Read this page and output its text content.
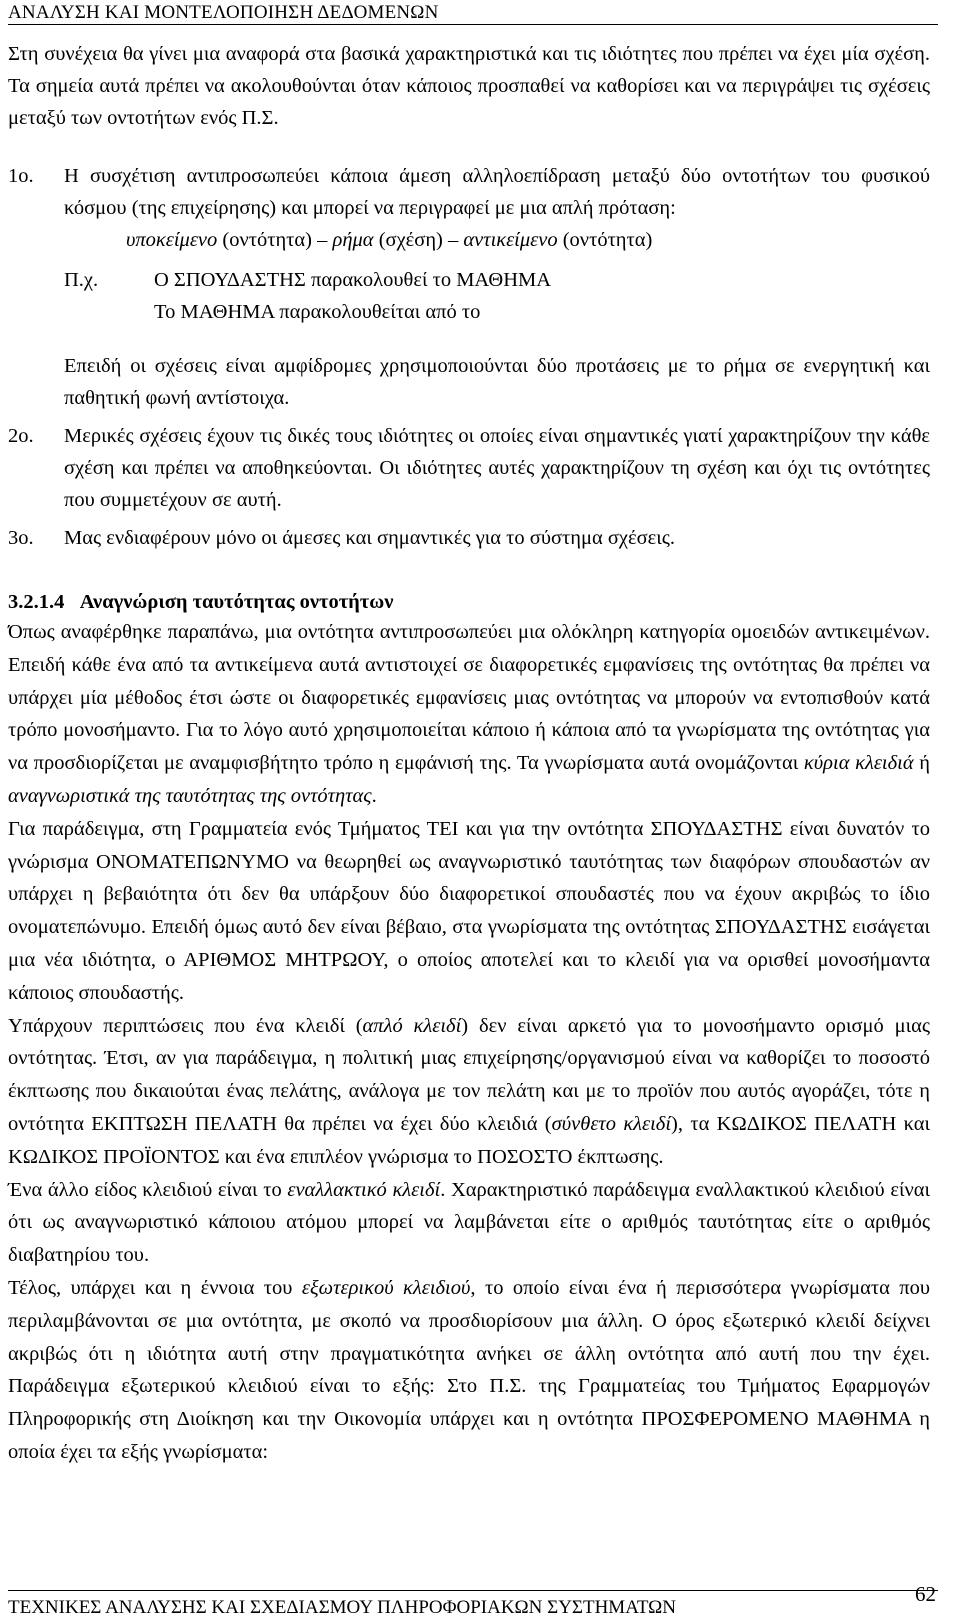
ΑΝΑΛΥΣΗ ΚΑΙ ΜΟΝΤΕΛΟΠΟΙΗΣΗ ΔΕΔΟΜΕΝΩΝ

Στη συνέχεια θα γίνει μια αναφορά στα βασικά χαρακτηριστικά και τις ιδιότητες που πρέπει να έχει μία σχέση. Τα σημεία αυτά πρέπει να ακολουθούνται όταν κάποιος προσπαθεί να καθορίσει και να περιγράψει τις σχέσεις μεταξύ των οντοτήτων ενός Π.Σ.

1ο.	Η συσχέτιση αντιπροσωπεύει κάποια άμεση αλληλοεπίδραση μεταξύ δύο οντοτήτων του φυσικού κόσμου (της επιχείρησης) και μπορεί να περιγραφεί με μια απλή πρόταση:

υποκείμενο (οντότητα) – ρήμα (σχέση) – αντικείμενο (οντότητα)
Π.χ.	Ο ΣΠΟΥΔΑΣΤΗΣ παρακολουθεί το ΜΑΘΗΜΑ
Το ΜΑΘΗΜΑ παρακολουθείται από το

Επειδή οι σχέσεις είναι αμφίδρομες χρησιμοποιούνται δύο προτάσεις με το ρήμα σε ενεργητική και παθητική φωνή αντίστοιχα.

2ο.	Μερικές σχέσεις έχουν τις δικές τους ιδιότητες οι οποίες είναι σημαντικές γιατί χαρακτηρίζουν την κάθε σχέση και πρέπει να αποθηκεύονται. Οι ιδιότητες αυτές χαρακτηρίζουν τη σχέση και όχι τις οντότητες που συμμετέχουν σε αυτή.

3ο.	Μας ενδιαφέρουν μόνο οι άμεσες και σημαντικές για το σύστημα σχέσεις.

3.2.1.4 Αναγνώριση ταυτότητας οντοτήτων

Όπως αναφέρθηκε παραπάνω, μια οντότητα αντιπροσωπεύει μια ολόκληρη κατηγορία ομοειδών αντικειμένων. Επειδή κάθε ένα από τα αντικείμενα αυτά αντιστοιχεί σε διαφορετικές εμφανίσεις της οντότητας θα πρέπει να υπάρχει μία μέθοδος έτσι ώστε οι διαφορετικές εμφανίσεις μιας οντότητας να μπορούν να εντοπισθούν κατά τρόπο μονοσήμαντο. Για το λόγο αυτό χρησιμοποιείται κάποιο ή κάποια από τα γνωρίσματα της οντότητας για να προσδιορίζεται με αναμφισβήτητο τρόπο η εμφάνισή της. Τα γνωρίσματα αυτά ονομάζονται κύρια κλειδιά ή αναγνωριστικά της ταυτότητας της οντότητας.

Για παράδειγμα, στη Γραμματεία ενός Τμήματος ΤΕΙ και για την οντότητα ΣΠΟΥΔΑΣΤΗΣ είναι δυνατόν το γνώρισμα ΟΝΟΜΑΤΕΠΩΝΥΜΟ να θεωρηθεί ως αναγνωριστικό ταυτότητας των διαφόρων σπουδαστών αν υπάρχει η βεβαιότητα ότι δεν θα υπάρξουν δύο διαφορετικοί σπουδαστές που να έχουν ακριβώς το ίδιο ονοματεπώνυμο. Επειδή όμως αυτό δεν είναι βέβαιο, στα γνωρίσματα της οντότητας ΣΠΟΥΔΑΣΤΗΣ εισάγεται μια νέα ιδιότητα, ο ΑΡΙΘΜΟΣ ΜΗΤΡΩΟΥ, ο οποίος αποτελεί και το κλειδί για να ορισθεί μονοσήμαντα κάποιος σπουδαστής.

Υπάρχουν περιπτώσεις που ένα κλειδί (απλό κλειδί) δεν είναι αρκετό για το μονοσήμαντο ορισμό μιας οντότητας. Έτσι, αν για παράδειγμα, η πολιτική μιας επιχείρησης/οργανισμού είναι να καθορίζει το ποσοστό έκπτωσης που δικαιούται ένας πελάτης, ανάλογα με τον πελάτη και με το προϊόν που αυτός αγοράζει, τότε η οντότητα ΕΚΠΤΩΣΗ ΠΕΛΑΤΗ θα πρέπει να έχει δύο κλειδιά (σύνθετο κλειδί), τα ΚΩΔΙΚΟΣ ΠΕΛΑΤΗ και ΚΩΔΙΚΟΣ ΠΡΟΪΟΝΤΟΣ και ένα επιπλέον γνώρισμα το ΠΟΣΟΣΤΟ έκπτωσης.

Ένα άλλο είδος κλειδιού είναι το εναλλακτικό κλειδί. Χαρακτηριστικό παράδειγμα εναλλακτικού κλειδιού είναι ότι ως αναγνωριστικό κάποιου ατόμου μπορεί να λαμβάνεται είτε ο αριθμός ταυτότητας είτε ο αριθμός διαβατηρίου του.

Τέλος, υπάρχει και η έννοια του εξωτερικού κλειδιού, το οποίο είναι ένα ή περισσότερα γνωρίσματα που περιλαμβάνονται σε μια οντότητα, με σκοπό να προσδιορίσουν μια άλλη. Ο όρος εξωτερικό κλειδί δείχνει ακριβώς ότι η ιδιότητα αυτή στην πραγματικότητα ανήκει σε άλλη οντότητα από αυτή που την έχει. Παράδειγμα εξωτερικού κλειδιού είναι το εξής: Στο Π.Σ. της Γραμματείας του Τμήματος Εφαρμογών Πληροφορικής στη Διοίκηση και την Οικονομία υπάρχει και η οντότητα ΠΡΟΣΦΕΡΟΜΕΝΟ ΜΑΘΗΜΑ η οποία έχει τα εξής γνωρίσματα:

ΤΕΧΝΙΚΕΣ ΑΝΑΛΥΣΗΣ ΚΑΙ ΣΧΕΔΙΑΣΜΟΥ ΠΛΗΡΟΦΟΡΙΑΚΩΝ ΣΥΣΤΗΜΑΤΩΝ
62
